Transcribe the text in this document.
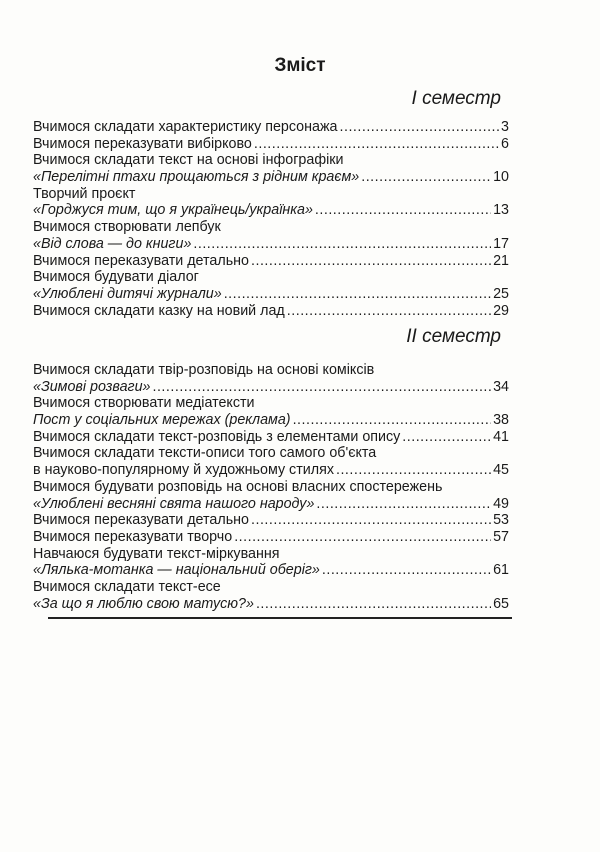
Зміст
І семестр
Вчимося складати характеристику персонажа .....	3
Вчимося переказувати вибірково .....	6
Вчимося складати текст на основі інфографіки
«Перелітні птахи прощаються з рідним краєм» .....	10
Творчий проєкт
«Горджуся тим, що я українець/українка» .....	13
Вчимося створювати лепбук
«Від слова — до книги» .....	17
Вчимося переказувати детально .....	21
Вчимося будувати діалог
«Улюблені дитячі журнали» .....	25
Вчимося складати казку на новий лад .....	29
ІІ семестр
Вчимося складати твір-розповідь на основі коміксів
«Зимові розваги» .....	34
Вчимося створювати медіатексти
Пост у соціальних мережах (реклама) .....	38
Вчимося складати текст-розповідь з елементами опису .....	41
Вчимося складати тексти-описи того самого об'єкта
в науково-популярному й художньому стилях .....	45
Вчимося будувати розповідь на основі власних спостережень
«Улюблені весняні свята нашого народу» .....	49
Вчимося переказувати детально .....	53
Вчимося переказувати творчо .....	57
Навчаюся будувати текст-міркування
«Лялька-мотанка — національний оберіг» .....	61
Вчимося складати текст-есе
«За що я люблю свою матусю?» .....	65
